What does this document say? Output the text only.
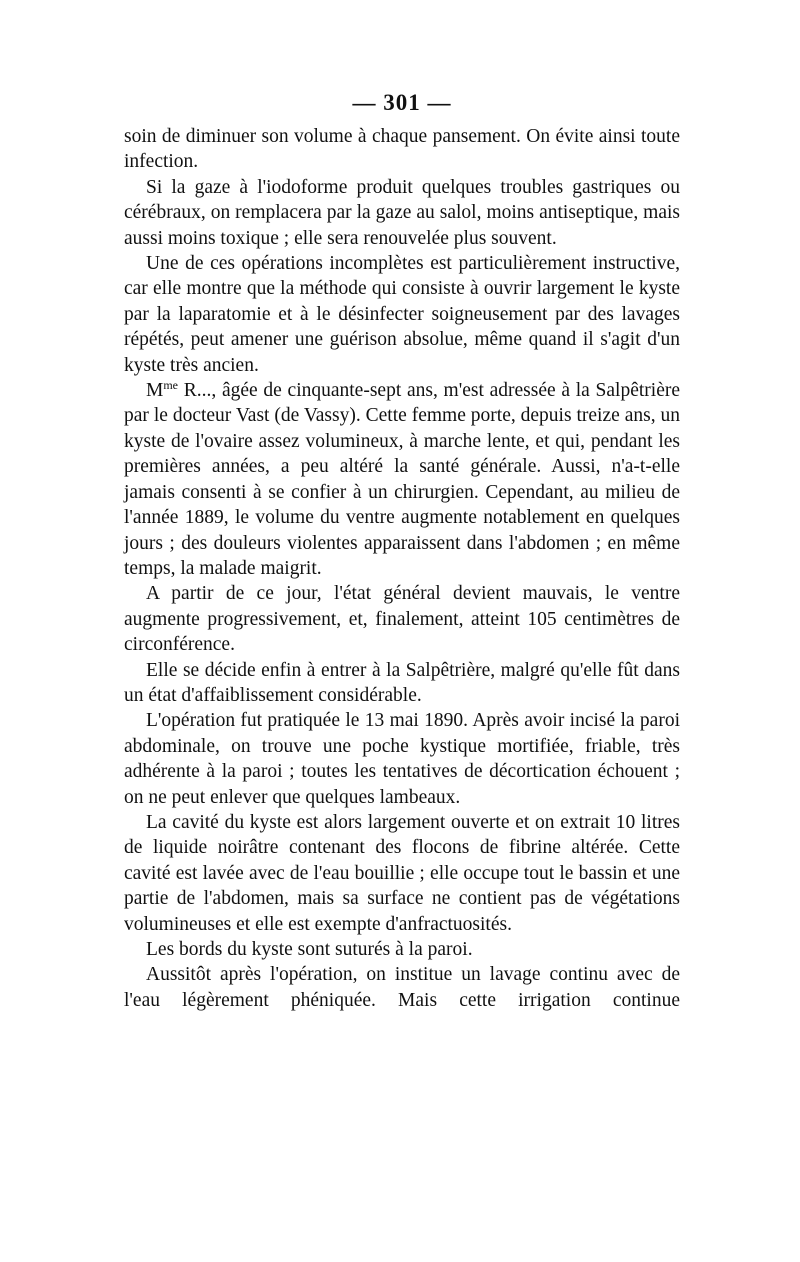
— 301 —

soin de diminuer son volume à chaque pansement. On évite ainsi toute infection.

Si la gaze à l'iodoforme produit quelques troubles gastriques ou cérébraux, on remplacera par la gaze au salol, moins antiseptique, mais aussi moins toxique ; elle sera renouvelée plus souvent.

Une de ces opérations incomplètes est particulièrement instructive, car elle montre que la méthode qui consiste à ouvrir largement le kyste par la laparatomie et à le désinfecter soigneusement par des lavages répétés, peut amener une guérison absolue, même quand il s'agit d'un kyste très ancien.

$M^{me}$ R..., âgée de cinquante-sept ans, m'est adressée à la Salpêtrière par le docteur Vast (de Vassy). Cette femme porte, depuis treize ans, un kyste de l'ovaire assez volumineux, à marche lente, et qui, pendant les premières années, a peu altéré la santé générale. Aussi, n'a-t-elle jamais consenti à se confier à un chirurgien. Cependant, au milieu de l'année 1889, le volume du ventre augmente notablement en quelques jours ; des douleurs violentes apparaissent dans l'abdomen ; en même temps, la malade maigrit.

A partir de ce jour, l'état général devient mauvais, le ventre augmente progressivement, et, finalement, atteint 105 centimètres de circonférence.

Elle se décide enfin à entrer à la Salpêtrière, malgré qu'elle fût dans un état d'affaiblissement considérable.

L'opération fut pratiquée le 13 mai 1890. Après avoir incisé la paroi abdominale, on trouve une poche kystique mortifiée, friable, très adhérente à la paroi ; toutes les tentatives de décortication échouent ; on ne peut enlever que quelques lambeaux.

La cavité du kyste est alors largement ouverte et on extrait 10 litres de liquide noirâtre contenant des flocons de fibrine altérée. Cette cavité est lavée avec de l'eau bouillie ; elle occupe tout le bassin et une partie de l'abdomen, mais sa surface ne contient pas de végétations volumineuses et elle est exempte d'anfractuosités.

Les bords du kyste sont suturés à la paroi.

Aussitôt après l'opération, on institue un lavage continu avec de l'eau légèrement phéniquée. Mais cette irrigation continue
